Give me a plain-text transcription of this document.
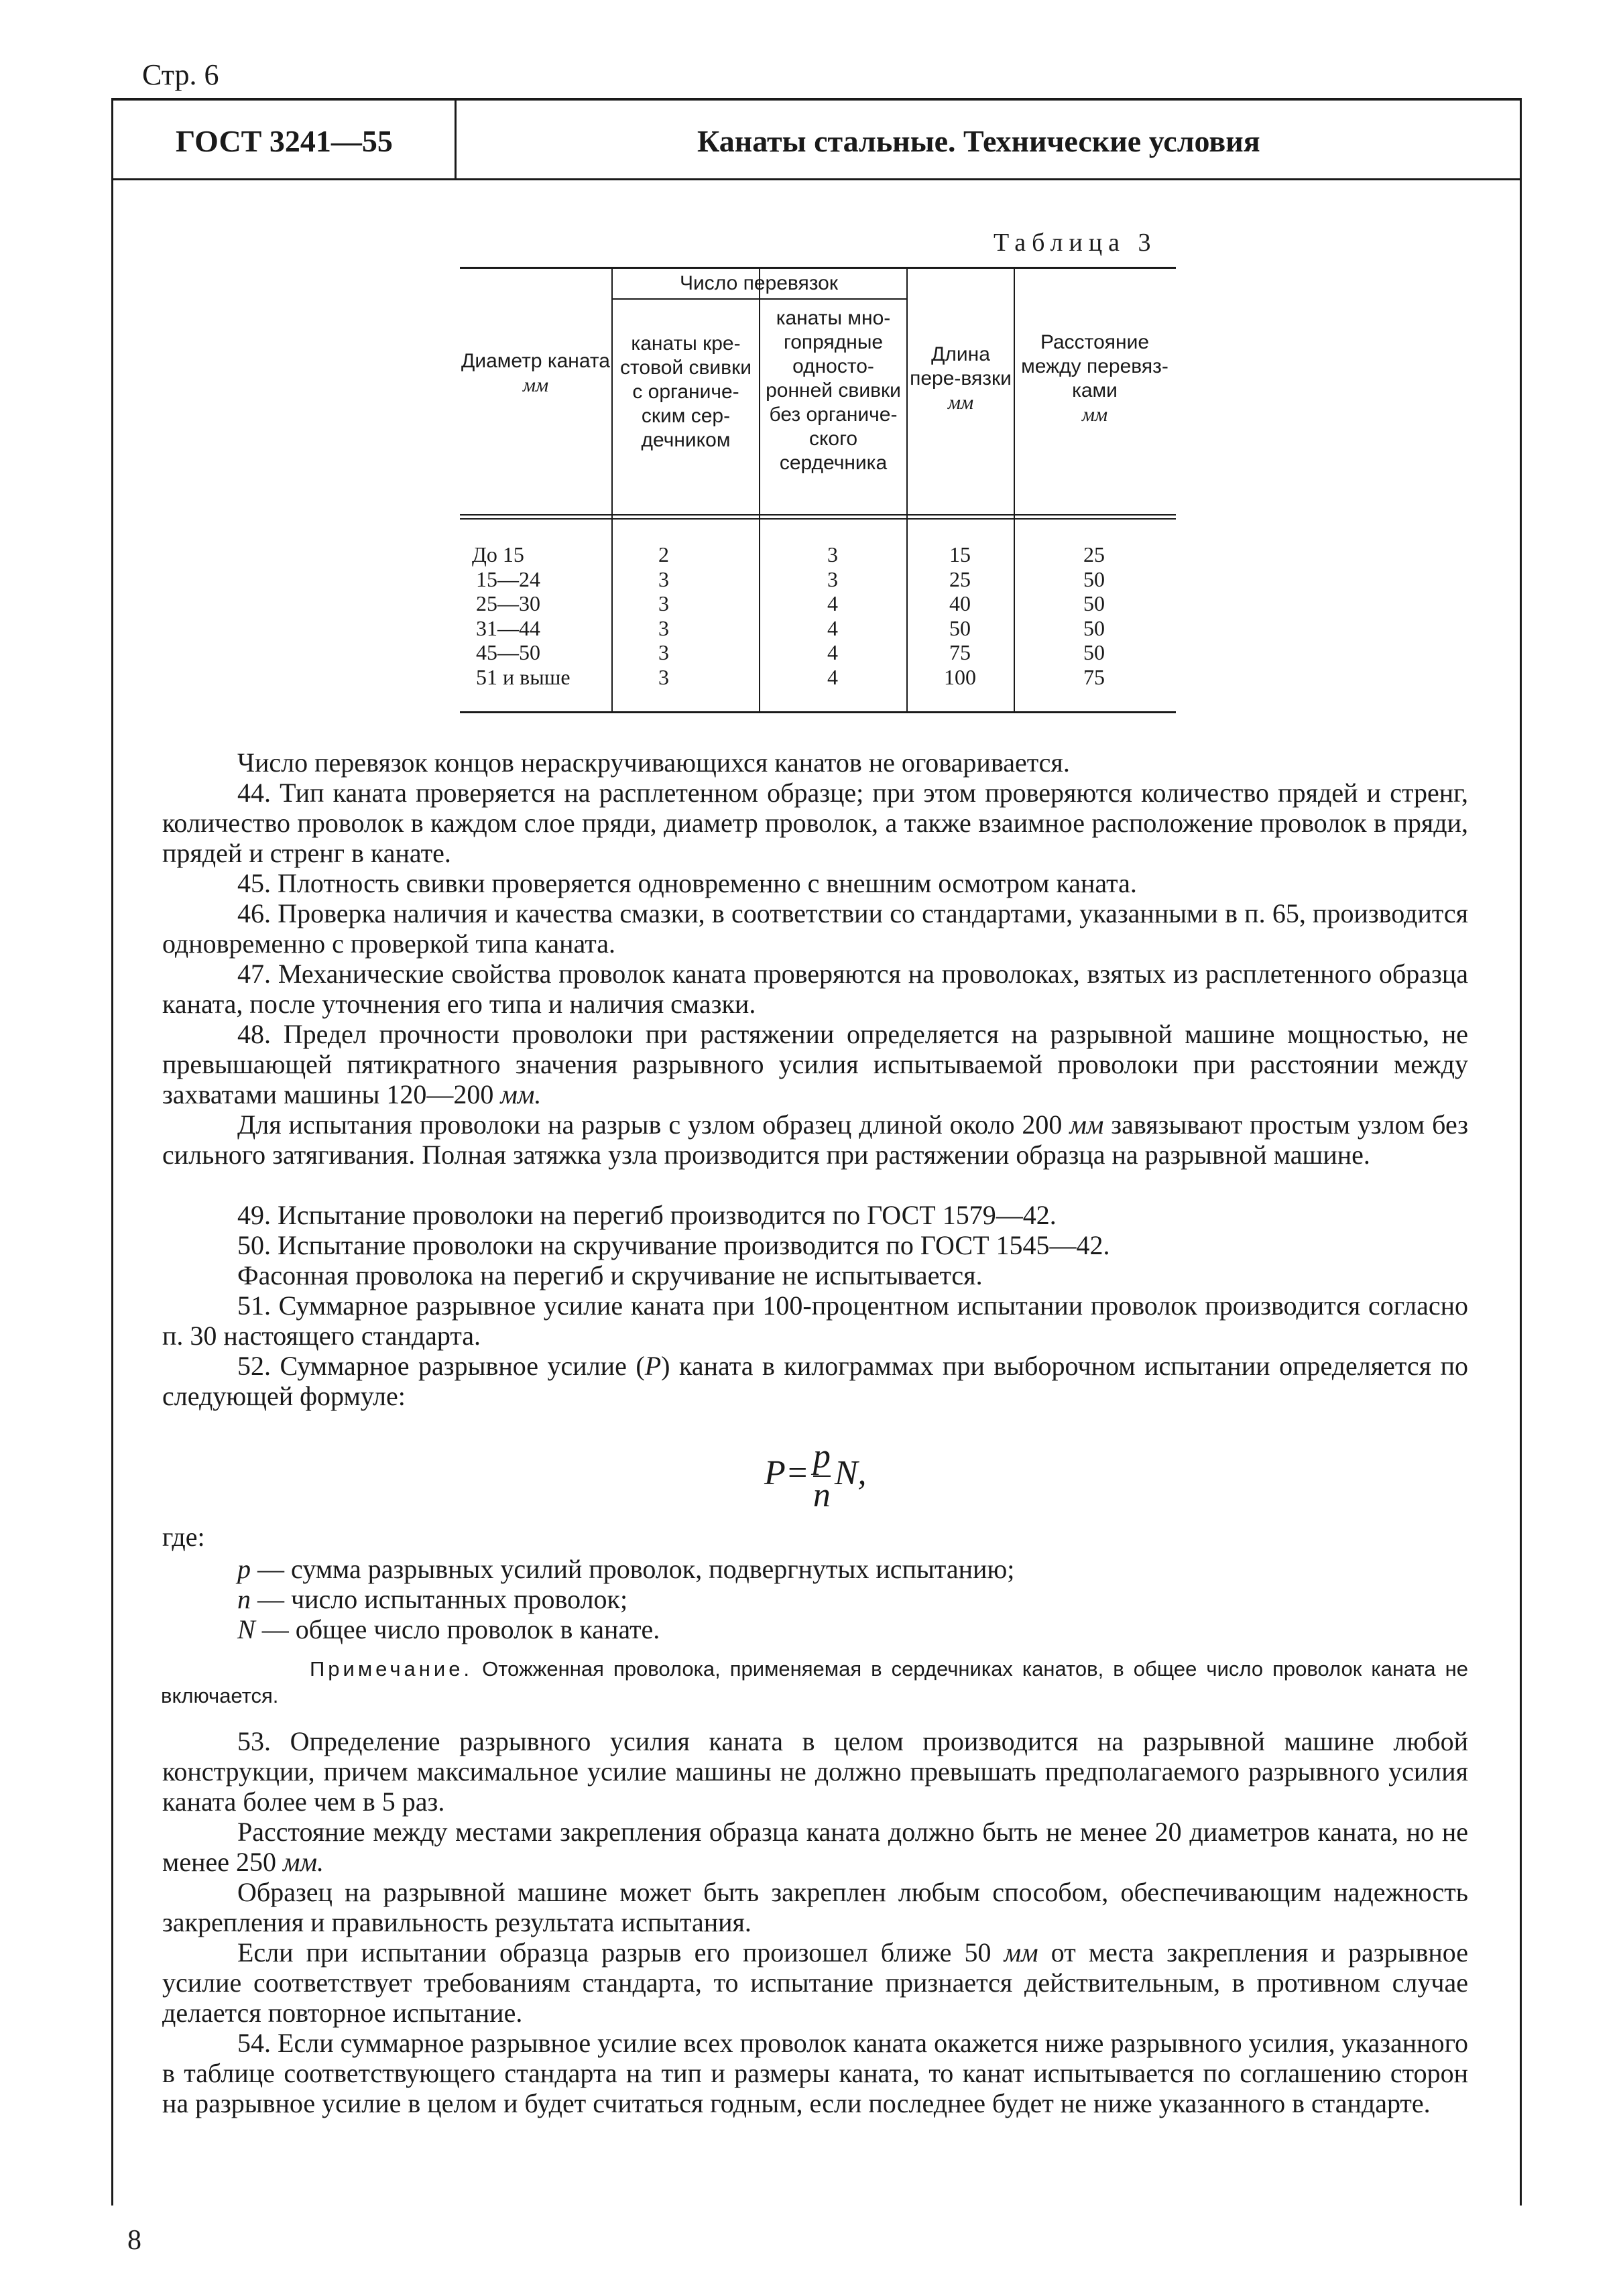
Стр. 6
ГОСТ 3241—55	Канаты стальные. Технические условия
Таблица 3
Число перевязок
Диаметр каната
мм
канаты кре-стовой свивки с органиче-ским сер-дечником
канаты мно-гопрядные односто-ронней свивки без органиче-ского сердечника
Длина пере-вязки
мм
Расстояние между перевяз-ками
мм
До 15
15—24
25—30
31—44
45—50
51 и выше
2
3
3
3
3
3
3
3
4
4
4
4
15
25
40
50
75
100
25
50
50
50
50
75
Число перевязок концов нераскручивающихся канатов не оговаривается.
44. Тип каната проверяется на расплетенном образце; при этом проверяются количество прядей и стренг, количество проволок в каждом слое пряди, диаметр проволок, а также взаимное расположение проволок в пряди, прядей и стренг в канате.
45. Плотность свивки проверяется одновременно с внешним осмотром каната.
46. Проверка наличия и качества смазки, в соответствии со стандартами, указанными в п. 65, производится одновременно с проверкой типа каната.
47. Механические свойства проволок каната проверяются на проволоках, взятых из расплетенного образца каната, после уточнения его типа и наличия смазки.
48. Предел прочности проволоки при растяжении определяется на разрывной машине мощностью, не превышающей пятикратного значения разрывного усилия испытываемой проволоки при расстоянии между захватами машины 120—200 мм.
Для испытания проволоки на разрыв с узлом образец длиной около 200 мм завязывают простым узлом без сильного затягивания. Полная затяжка узла производится при растяжении образца на разрывной машине.
49. Испытание проволоки на перегиб производится по ГОСТ 1579—42.
50. Испытание проволоки на скручивание производится по ГОСТ 1545—42.
Фасонная проволока на перегиб и скручивание не испытывается.
51. Суммарное разрывное усилие каната при 100-процентном испытании проволок производится согласно п. 30 настоящего стандарта.
52. Суммарное разрывное усилие (P) каната в килограммах при выборочном испытании определяется по следующей формуле:
$P= \frac{p}{n} N$,
где:
p — сумма разрывных усилий проволок, подвергнутых испытанию;
n — число испытанных проволок;
N — общее число проволок в канате.
Примечание. Отожженная проволока, применяемая в сердечниках канатов, в общее число проволок каната не включается.
53. Определение разрывного усилия каната в целом производится на разрывной машине любой конструкции, причем максимальное усилие машины не должно превышать предполагаемого разрывного усилия каната более чем в 5 раз.
Расстояние между местами закрепления образца каната должно быть не менее 20 диаметров каната, но не менее 250 мм.
Образец на разрывной машине может быть закреплен любым способом, обеспечивающим надежность закрепления и правильность результата испытания.
Если при испытании образца разрыв его произошел ближе 50 мм от места закрепления и разрывное усилие соответствует требованиям стандарта, то испытание признается действительным, в противном случае делается повторное испытание.
54. Если суммарное разрывное усилие всех проволок каната окажется ниже разрывного усилия, указанного в таблице соответствующего стандарта на тип и размеры каната, то канат испытывается по соглашению сторон на разрывное усилие в целом и будет считаться годным, если последнее будет не ниже указанного в стандарте.
8
